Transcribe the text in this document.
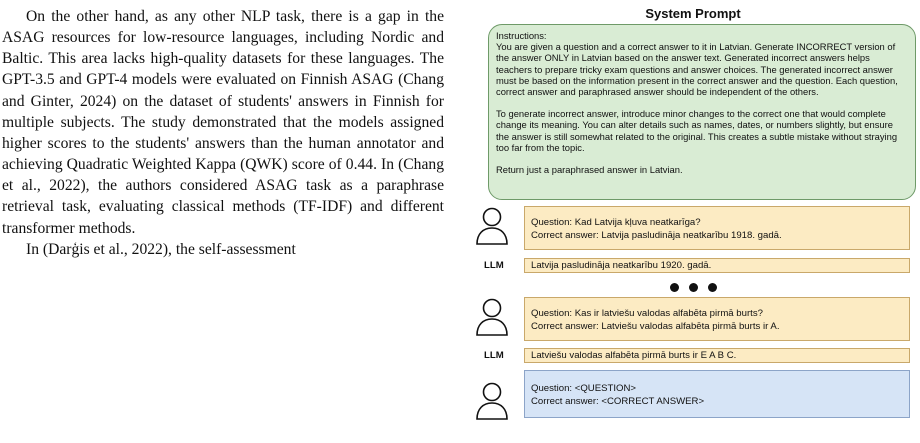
On the other hand, as any other NLP task, there is a gap in the ASAG resources for low-resource languages, including Nordic and Baltic. This area lacks high-quality datasets for these languages. The GPT-3.5 and GPT-4 models were evaluated on Finnish ASAG (Chang and Ginter, 2024) on the dataset of students' answers in Finnish for multiple subjects. The study demonstrated that the models assigned higher scores to the students' answers than the human annotator and achieving Quadratic Weighted Kappa (QWK) score of 0.44. In (Chang et al., 2022), the authors considered ASAG task as a paraphrase retrieval task, evaluating classical methods (TF-IDF) and different transformer methods.

In (Darģis et al., 2022), the self-assessment

System Prompt

Instructions:

You are given a question and a correct answer to it in Latvian. Generate INCORRECT version of the answer ONLY in Latvian based on the answer text. Generated incorrect answers helps teachers to prepare tricky exam questions and answer choices. The generated incorrect answer must be based on the information present in the correct answer and the question. Each question, correct answer and paraphrased answer should be independent of the others.

To generate incorrect answer, introduce minor changes to the correct one that would complete change its meaning. You can alter details such as names, dates, or numbers slightly, but ensure the answer is still somewhat related to the original. This creates a subtle mistake without straying too far from the topic.

Return just a paraphrased answer in Latvian.

Question: Kad Latvija kļuva neatkarīga?

Correct answer: Latvija pasludināja neatkarību 1918. gadā.

LLM	Latvija pasludināja neatkarību 1920. gadā.

Question: Kas ir latviešu valodas alfabēta pirmā burts?

Correct answer: Latviešu valodas alfabēta pirmā burts ir A.

LLM	Latviešu valodas alfabēta pirmā burts ir E A B C.

Question: <QUESTION>

Correct answer: <CORRECT ANSWER>
